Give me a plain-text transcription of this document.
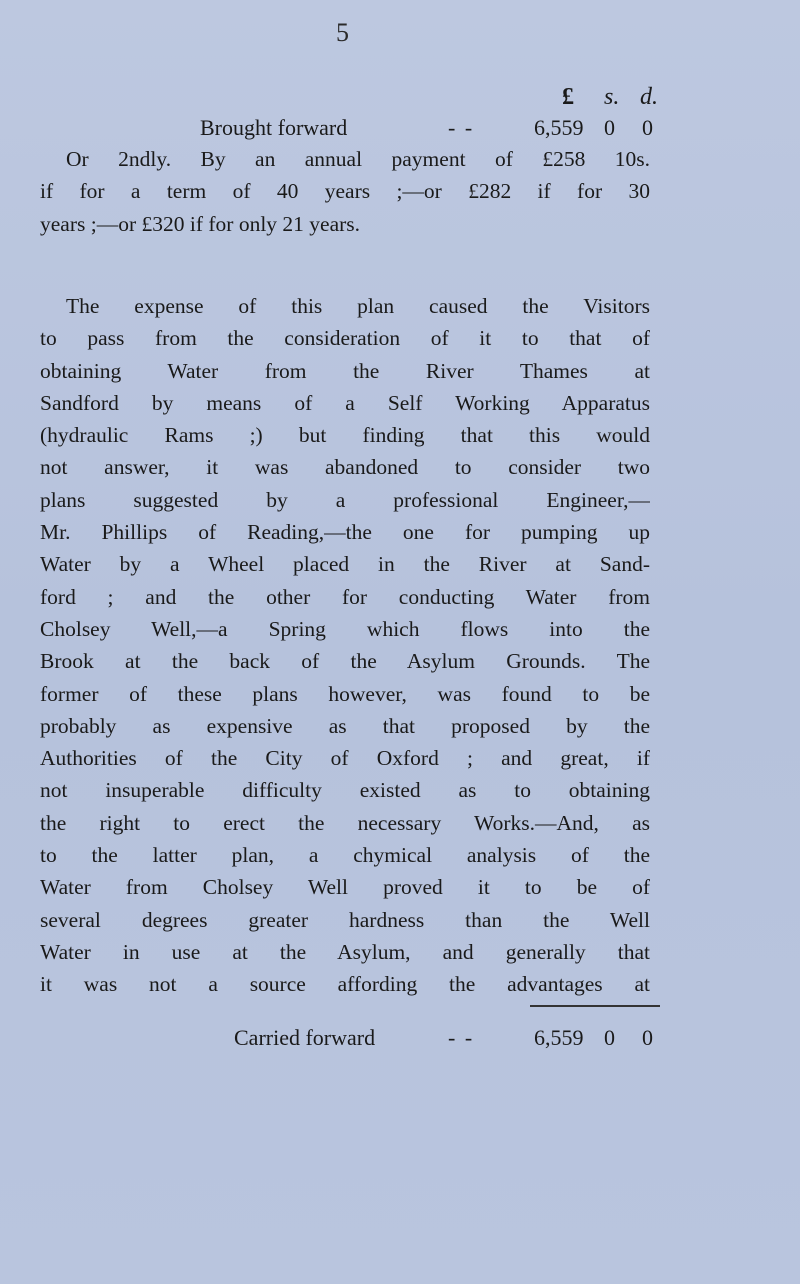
5
£ s. d.
Brought forward	- -	6,559 0 0
Or 2ndly. By an annual payment of £258 10s.
if for a term of 40 years ;—or £282 if for 30
years ;—or £320 if for only 21 years.
The expense of this plan caused the Visitors
to pass from the consideration of it to that of
obtaining Water from the River Thames at
Sandford by means of a Self Working Apparatus
(hydraulic Rams ;) but finding that this would
not answer, it was abandoned to consider two
plans suggested by a professional Engineer,—
Mr. Phillips of Reading,—the one for pumping up
Water by a Wheel placed in the River at Sand-
ford ; and the other for conducting Water from
Cholsey Well,—a Spring which flows into the
Brook at the back of the Asylum Grounds. The
former of these plans however, was found to be
probably as expensive as that proposed by the
Authorities of the City of Oxford ; and great, if
not insuperable difficulty existed as to obtaining
the right to erect the necessary Works.—And, as
to the latter plan, a chymical analysis of the
Water from Cholsey Well proved it to be of
several degrees greater hardness than the Well
Water in use at the Asylum, and generally that
it was not a source affording the advantages at
Carried forward	- -	6,559 0 0
